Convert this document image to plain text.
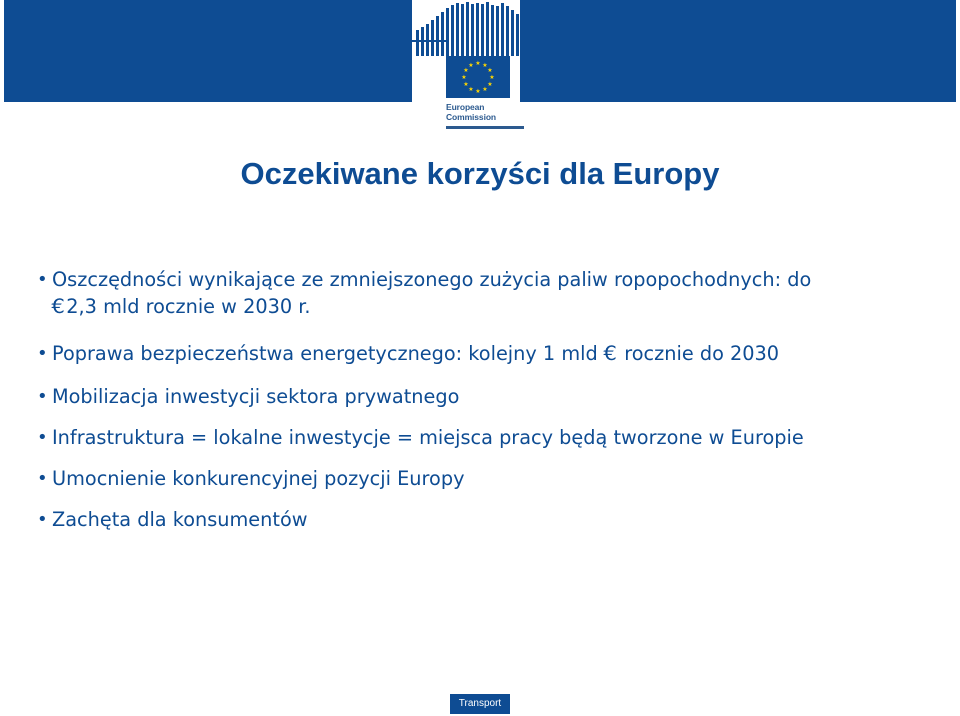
★ ★
★
★
★
★
★
★
★
★
★
★
European
Commission
Oczekiwane korzyści dla Europy
• Oszczędności wynikające ze zmniejszonego zużycia paliw ropopochodnych: do
€2,3 mld rocznie w 2030 r.
• Poprawa bezpieczeństwa energetycznego: kolejny 1 mld € rocznie do 2030
• Mobilizacja inwestycji sektora prywatnego
• Infrastruktura = lokalne inwestycje = miejsca pracy będą tworzone w Europie
• Umocnienie konkurencyjnej pozycji Europy
• Zachęta dla konsumentów
Transport
